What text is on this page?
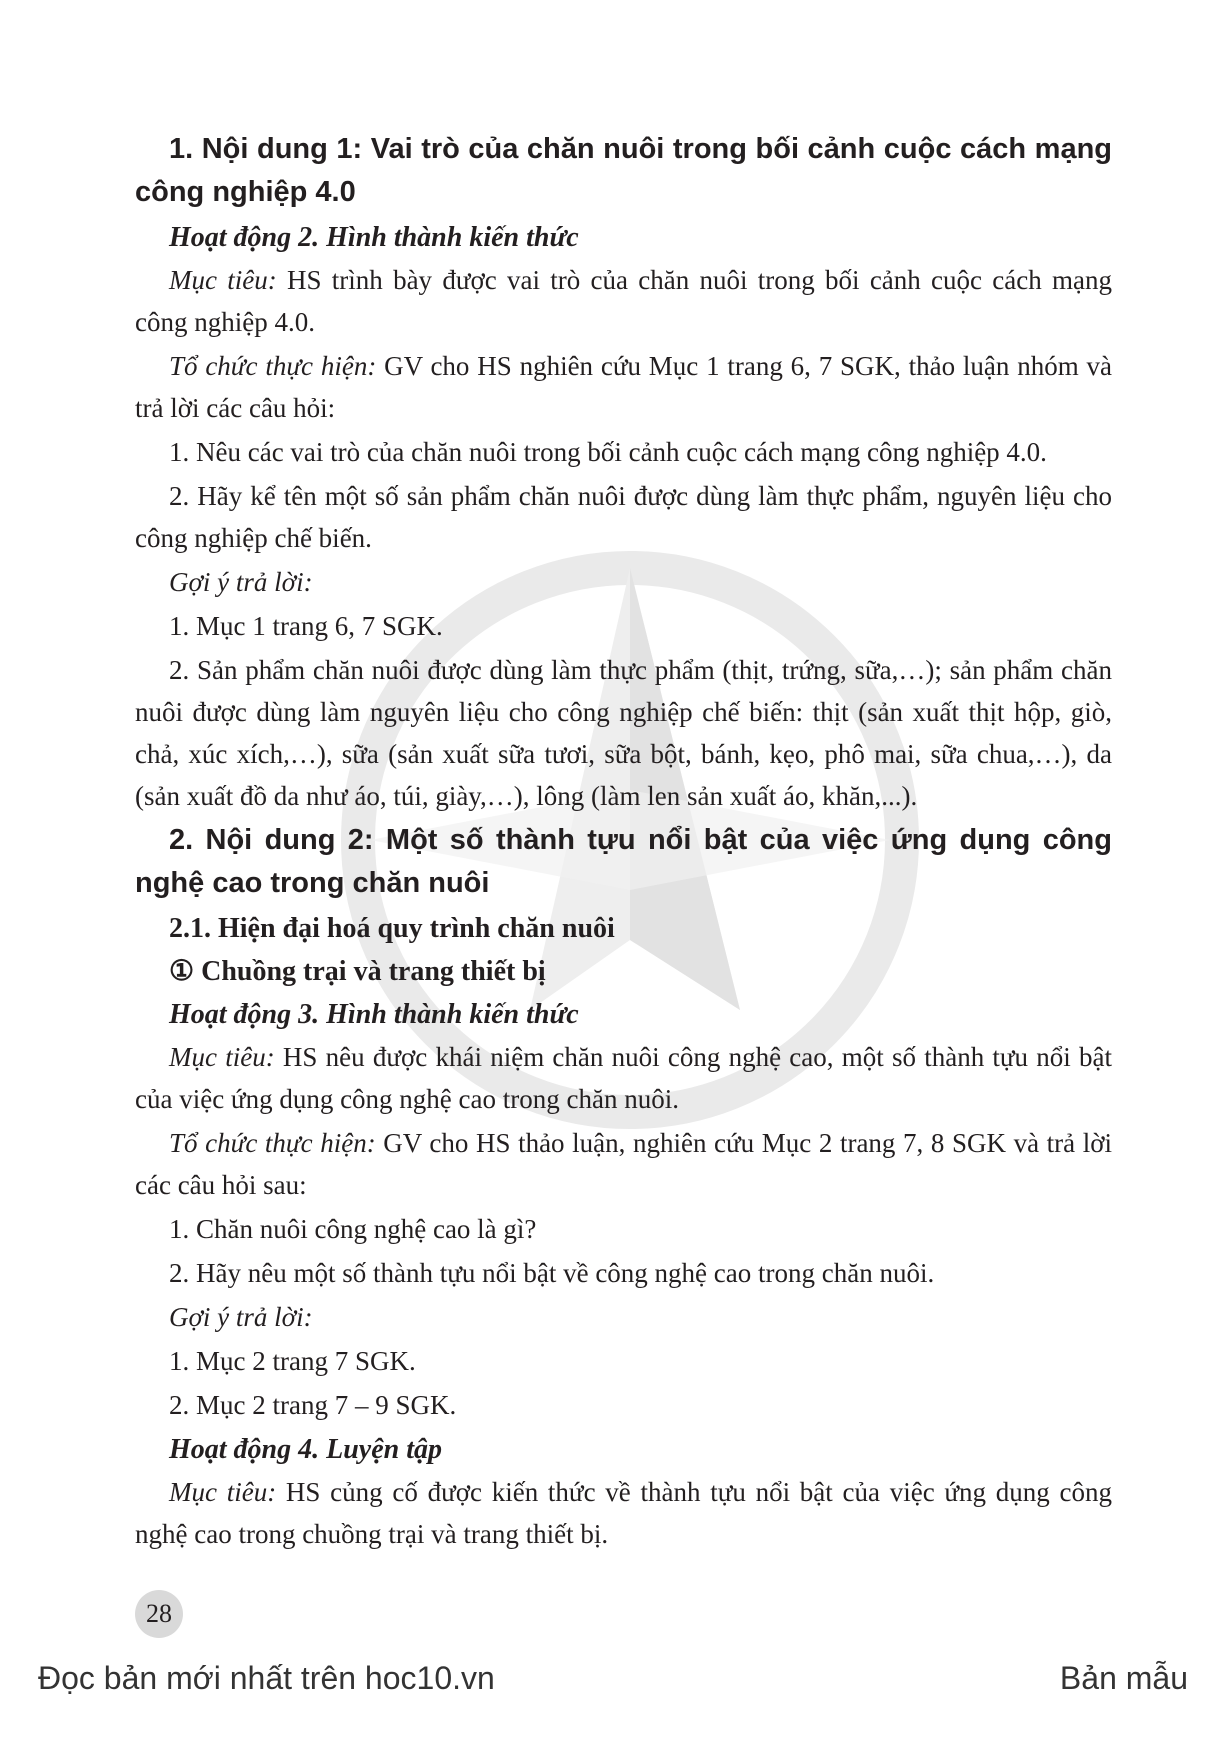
1. Nội dung 1: Vai trò của chăn nuôi trong bối cảnh cuộc cách mạng công nghiệp 4.0

Hoạt động 2. Hình thành kiến thức

Mục tiêu: HS trình bày được vai trò của chăn nuôi trong bối cảnh cuộc cách mạng công nghiệp 4.0.

Tổ chức thực hiện: GV cho HS nghiên cứu Mục 1 trang 6, 7 SGK, thảo luận nhóm và trả lời các câu hỏi:

1. Nêu các vai trò của chăn nuôi trong bối cảnh cuộc cách mạng công nghiệp 4.0.

2. Hãy kể tên một số sản phẩm chăn nuôi được dùng làm thực phẩm, nguyên liệu cho công nghiệp chế biến.

Gợi ý trả lời:

1. Mục 1 trang 6, 7 SGK.

2. Sản phẩm chăn nuôi được dùng làm thực phẩm (thịt, trứng, sữa,…); sản phẩm chăn nuôi được dùng làm nguyên liệu cho công nghiệp chế biến: thịt (sản xuất thịt hộp, giò, chả, xúc xích,…), sữa (sản xuất sữa tươi, sữa bột, bánh, kẹo, phô mai, sữa chua,…), da (sản xuất đồ da như áo, túi, giày,…), lông (làm len sản xuất áo, khăn,...).

2. Nội dung 2: Một số thành tựu nổi bật của việc ứng dụng công nghệ cao trong chăn nuôi

2.1. Hiện đại hoá quy trình chăn nuôi

① Chuồng trại và trang thiết bị

Hoạt động 3. Hình thành kiến thức

Mục tiêu: HS nêu được khái niệm chăn nuôi công nghệ cao, một số thành tựu nổi bật của việc ứng dụng công nghệ cao trong chăn nuôi.

Tổ chức thực hiện: GV cho HS thảo luận, nghiên cứu Mục 2 trang 7, 8 SGK và trả lời các câu hỏi sau:

1. Chăn nuôi công nghệ cao là gì?

2. Hãy nêu một số thành tựu nổi bật về công nghệ cao trong chăn nuôi.

Gợi ý trả lời:

1. Mục 2 trang 7 SGK.

2. Mục 2 trang 7 – 9 SGK.

Hoạt động 4. Luyện tập

Mục tiêu: HS củng cố được kiến thức về thành tựu nổi bật của việc ứng dụng công nghệ cao trong chuồng trại và trang thiết bị.

28
Đọc bản mới nhất trên hoc10.vn	Bản mẫu
